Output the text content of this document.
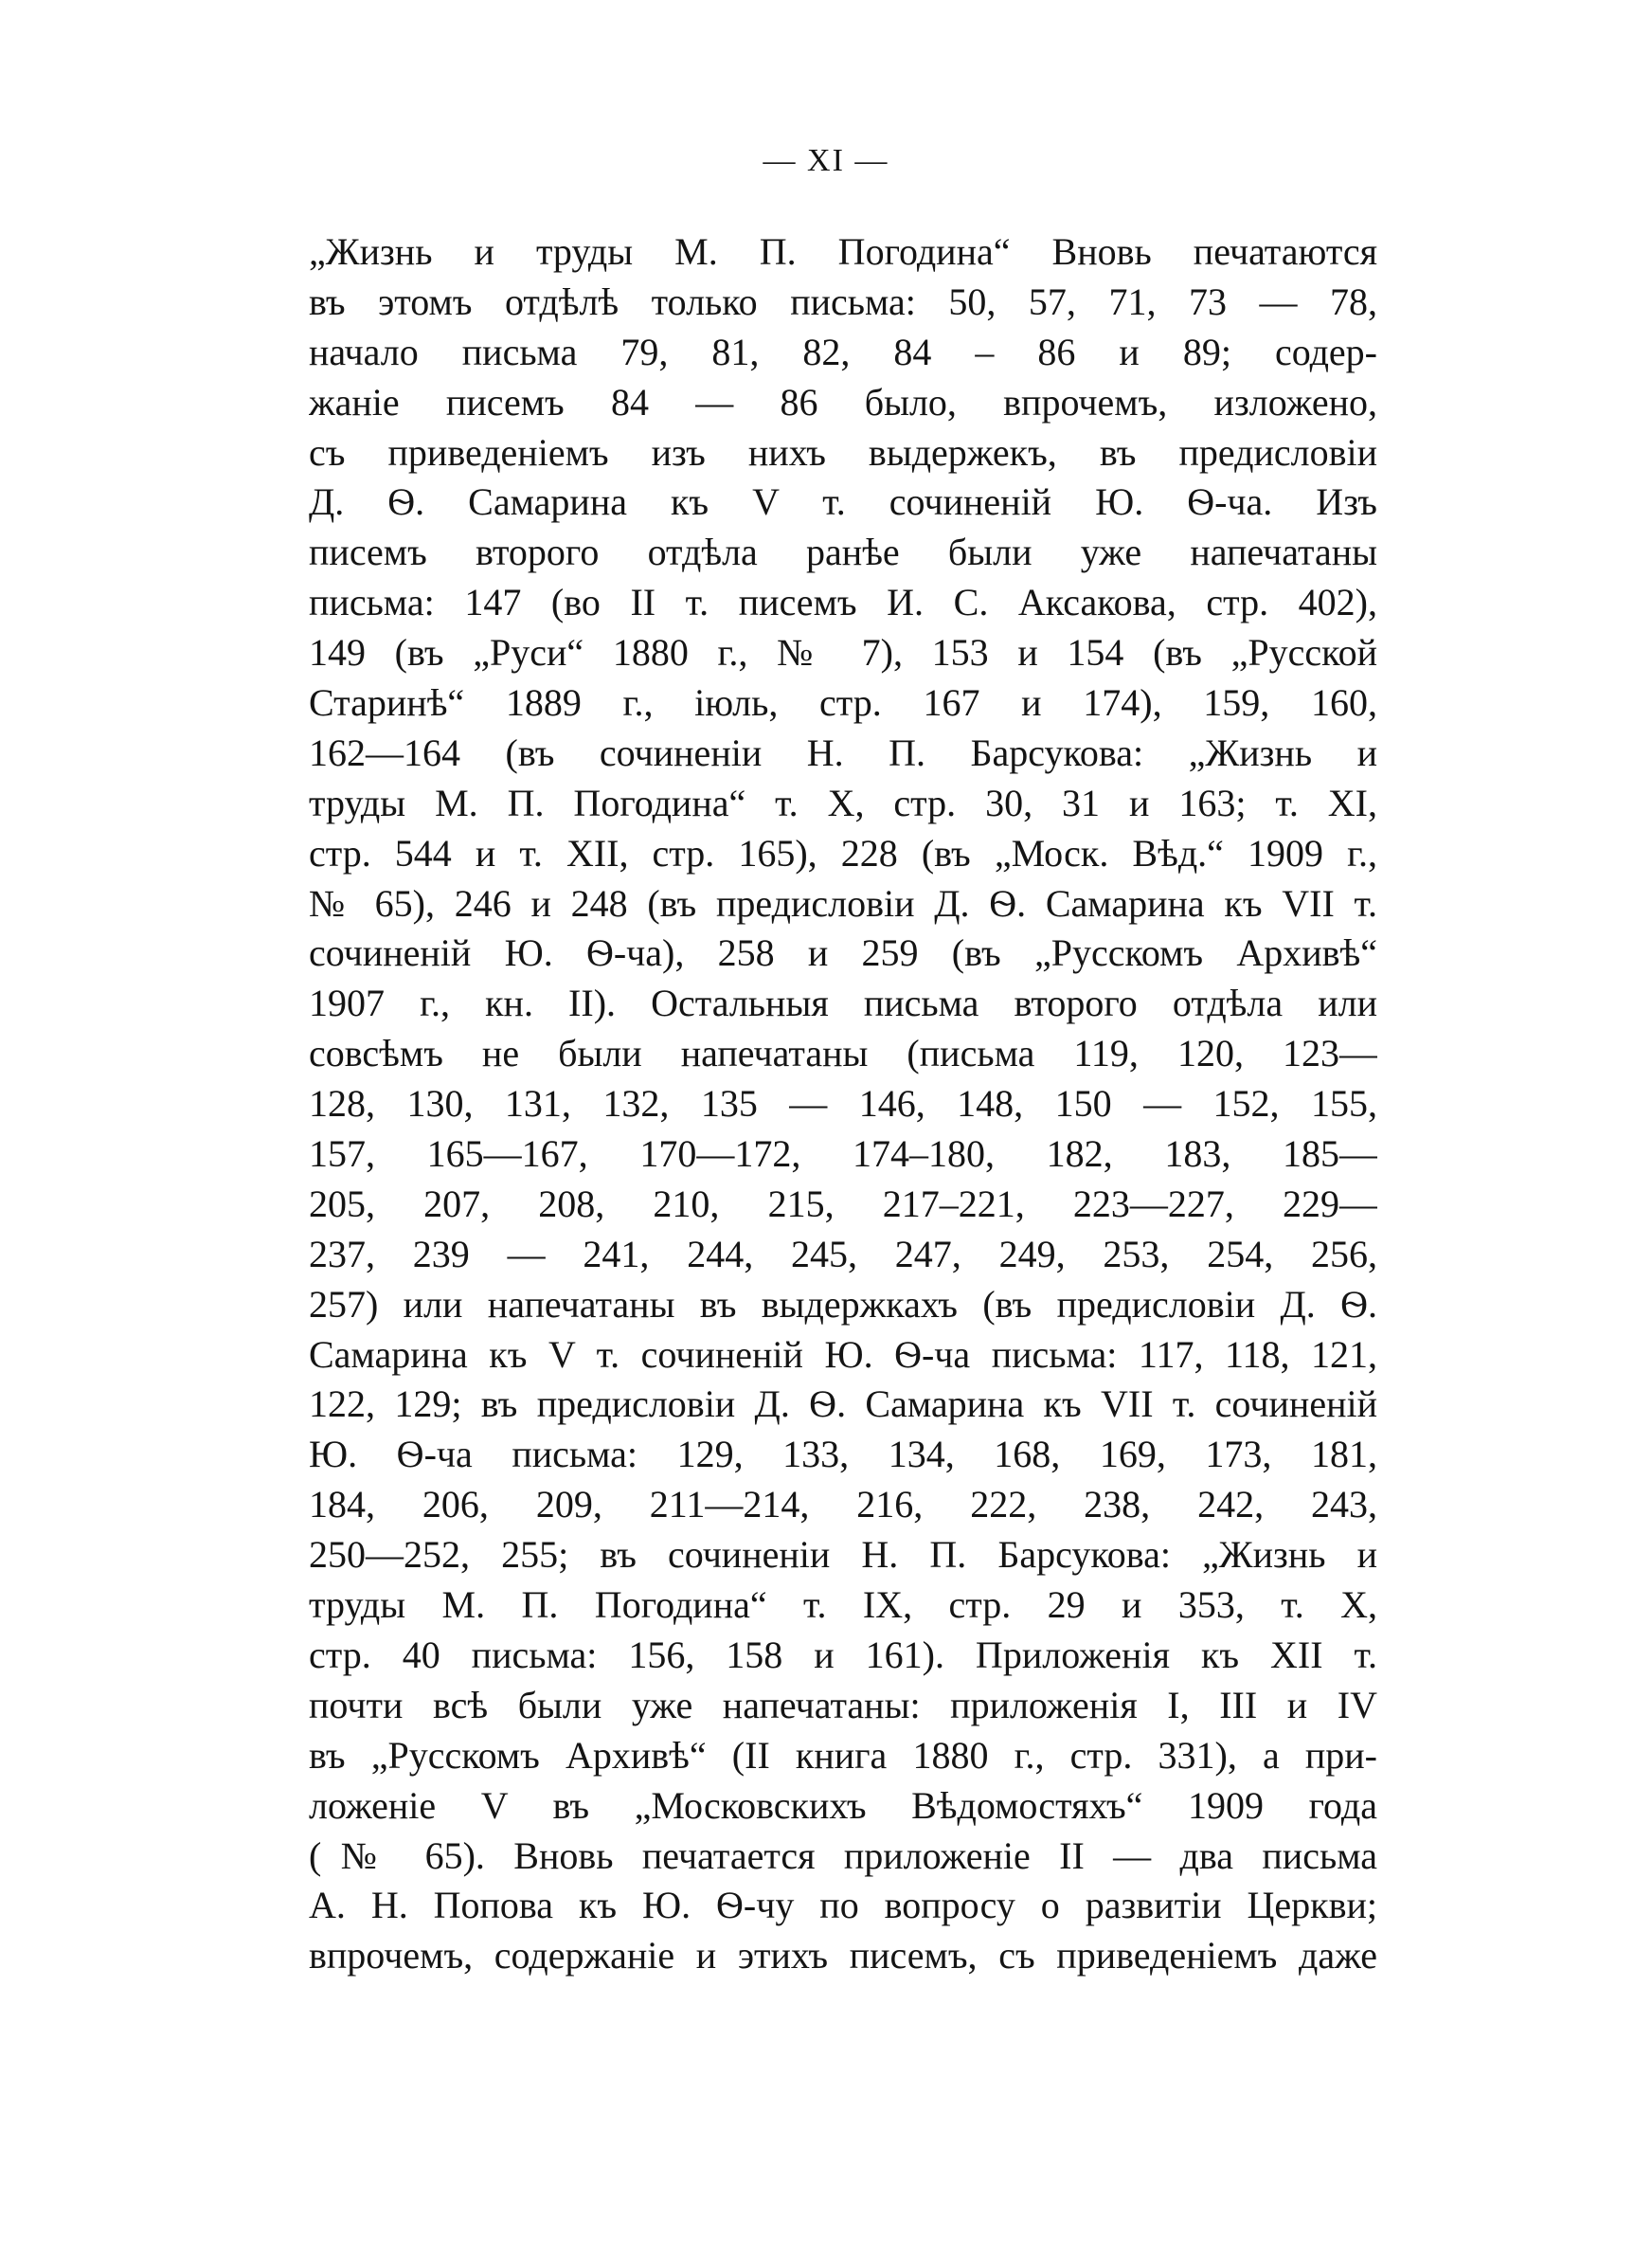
— XI —
„Жизнь и труды М. П. Погодина“ Вновь печатаются
въ этомъ отдѣлѣ только письма: 50, 57, 71, 73 — 78,
начало письма 79, 81, 82, 84 – 86 и 89; содер-
жаніе писемъ 84 — 86 было, впрочемъ, изложено,
съ приведеніемъ изъ нихъ выдержекъ, въ предисловіи
Д. Ѳ. Самарина къ V т. сочиненій Ю. Ѳ-ча. Изъ
писемъ второго отдѣла ранѣе были уже напечатаны
письма: 147 (во II т. писемъ И. С. Аксакова, стр. 402),
149 (въ „Руси“ 1880 г., № 7), 153 и 154 (въ „Русской
Старинѣ“ 1889 г., іюль, стр. 167 и 174), 159, 160,
162—164 (въ сочиненіи Н. П. Барсукова: „Жизнь и
труды М. П. Погодина“ т. X, стр. 30, 31 и 163; т. XI,
стр. 544 и т. XII, стр. 165), 228 (въ „Моск. Вѣд.“ 1909 г.,
№ 65), 246 и 248 (въ предисловіи Д. Ѳ. Самарина къ VII т.
сочиненій Ю. Ѳ-ча), 258 и 259 (въ „Русскомъ Архивѣ“
1907 г., кн. II). Остальныя письма второго отдѣла или
совсѣмъ не были напечатаны (письма 119, 120, 123—
128, 130, 131, 132, 135 — 146, 148, 150 — 152, 155,
157, 165—167, 170—172, 174–180, 182, 183, 185—
205, 207, 208, 210, 215, 217–221, 223—227, 229—
237, 239 — 241, 244, 245, 247, 249, 253, 254, 256,
257) или напечатаны въ выдержкахъ (въ предисловіи Д. Ѳ.
Самарина къ V т. сочиненій Ю. Ѳ-ча письма: 117, 118, 121,
122, 129; въ предисловіи Д. Ѳ. Самарина къ VII т. сочиненій
Ю. Ѳ-ча письма: 129, 133, 134, 168, 169, 173, 181,
184, 206, 209, 211—214, 216, 222, 238, 242, 243,
250—252, 255; въ сочиненіи Н. П. Барсукова: „Жизнь и
труды М. П. Погодина“ т. IX, стр. 29 и 353, т. X,
стр. 40 письма: 156, 158 и 161). Приложенія къ XII т.
почти всѣ были уже напечатаны: приложенія I, III и IV
въ „Русскомъ Архивѣ“ (II книга 1880 г., стр. 331), а при-
ложеніе V въ „Московскихъ Вѣдомостяхъ“ 1909 года
(№ 65). Вновь печатается приложеніе II — два письма
А. Н. Попова къ Ю. Ѳ-чу по вопросу о развитіи Церкви;
впрочемъ, содержаніе и этихъ писемъ, съ приведеніемъ даже
